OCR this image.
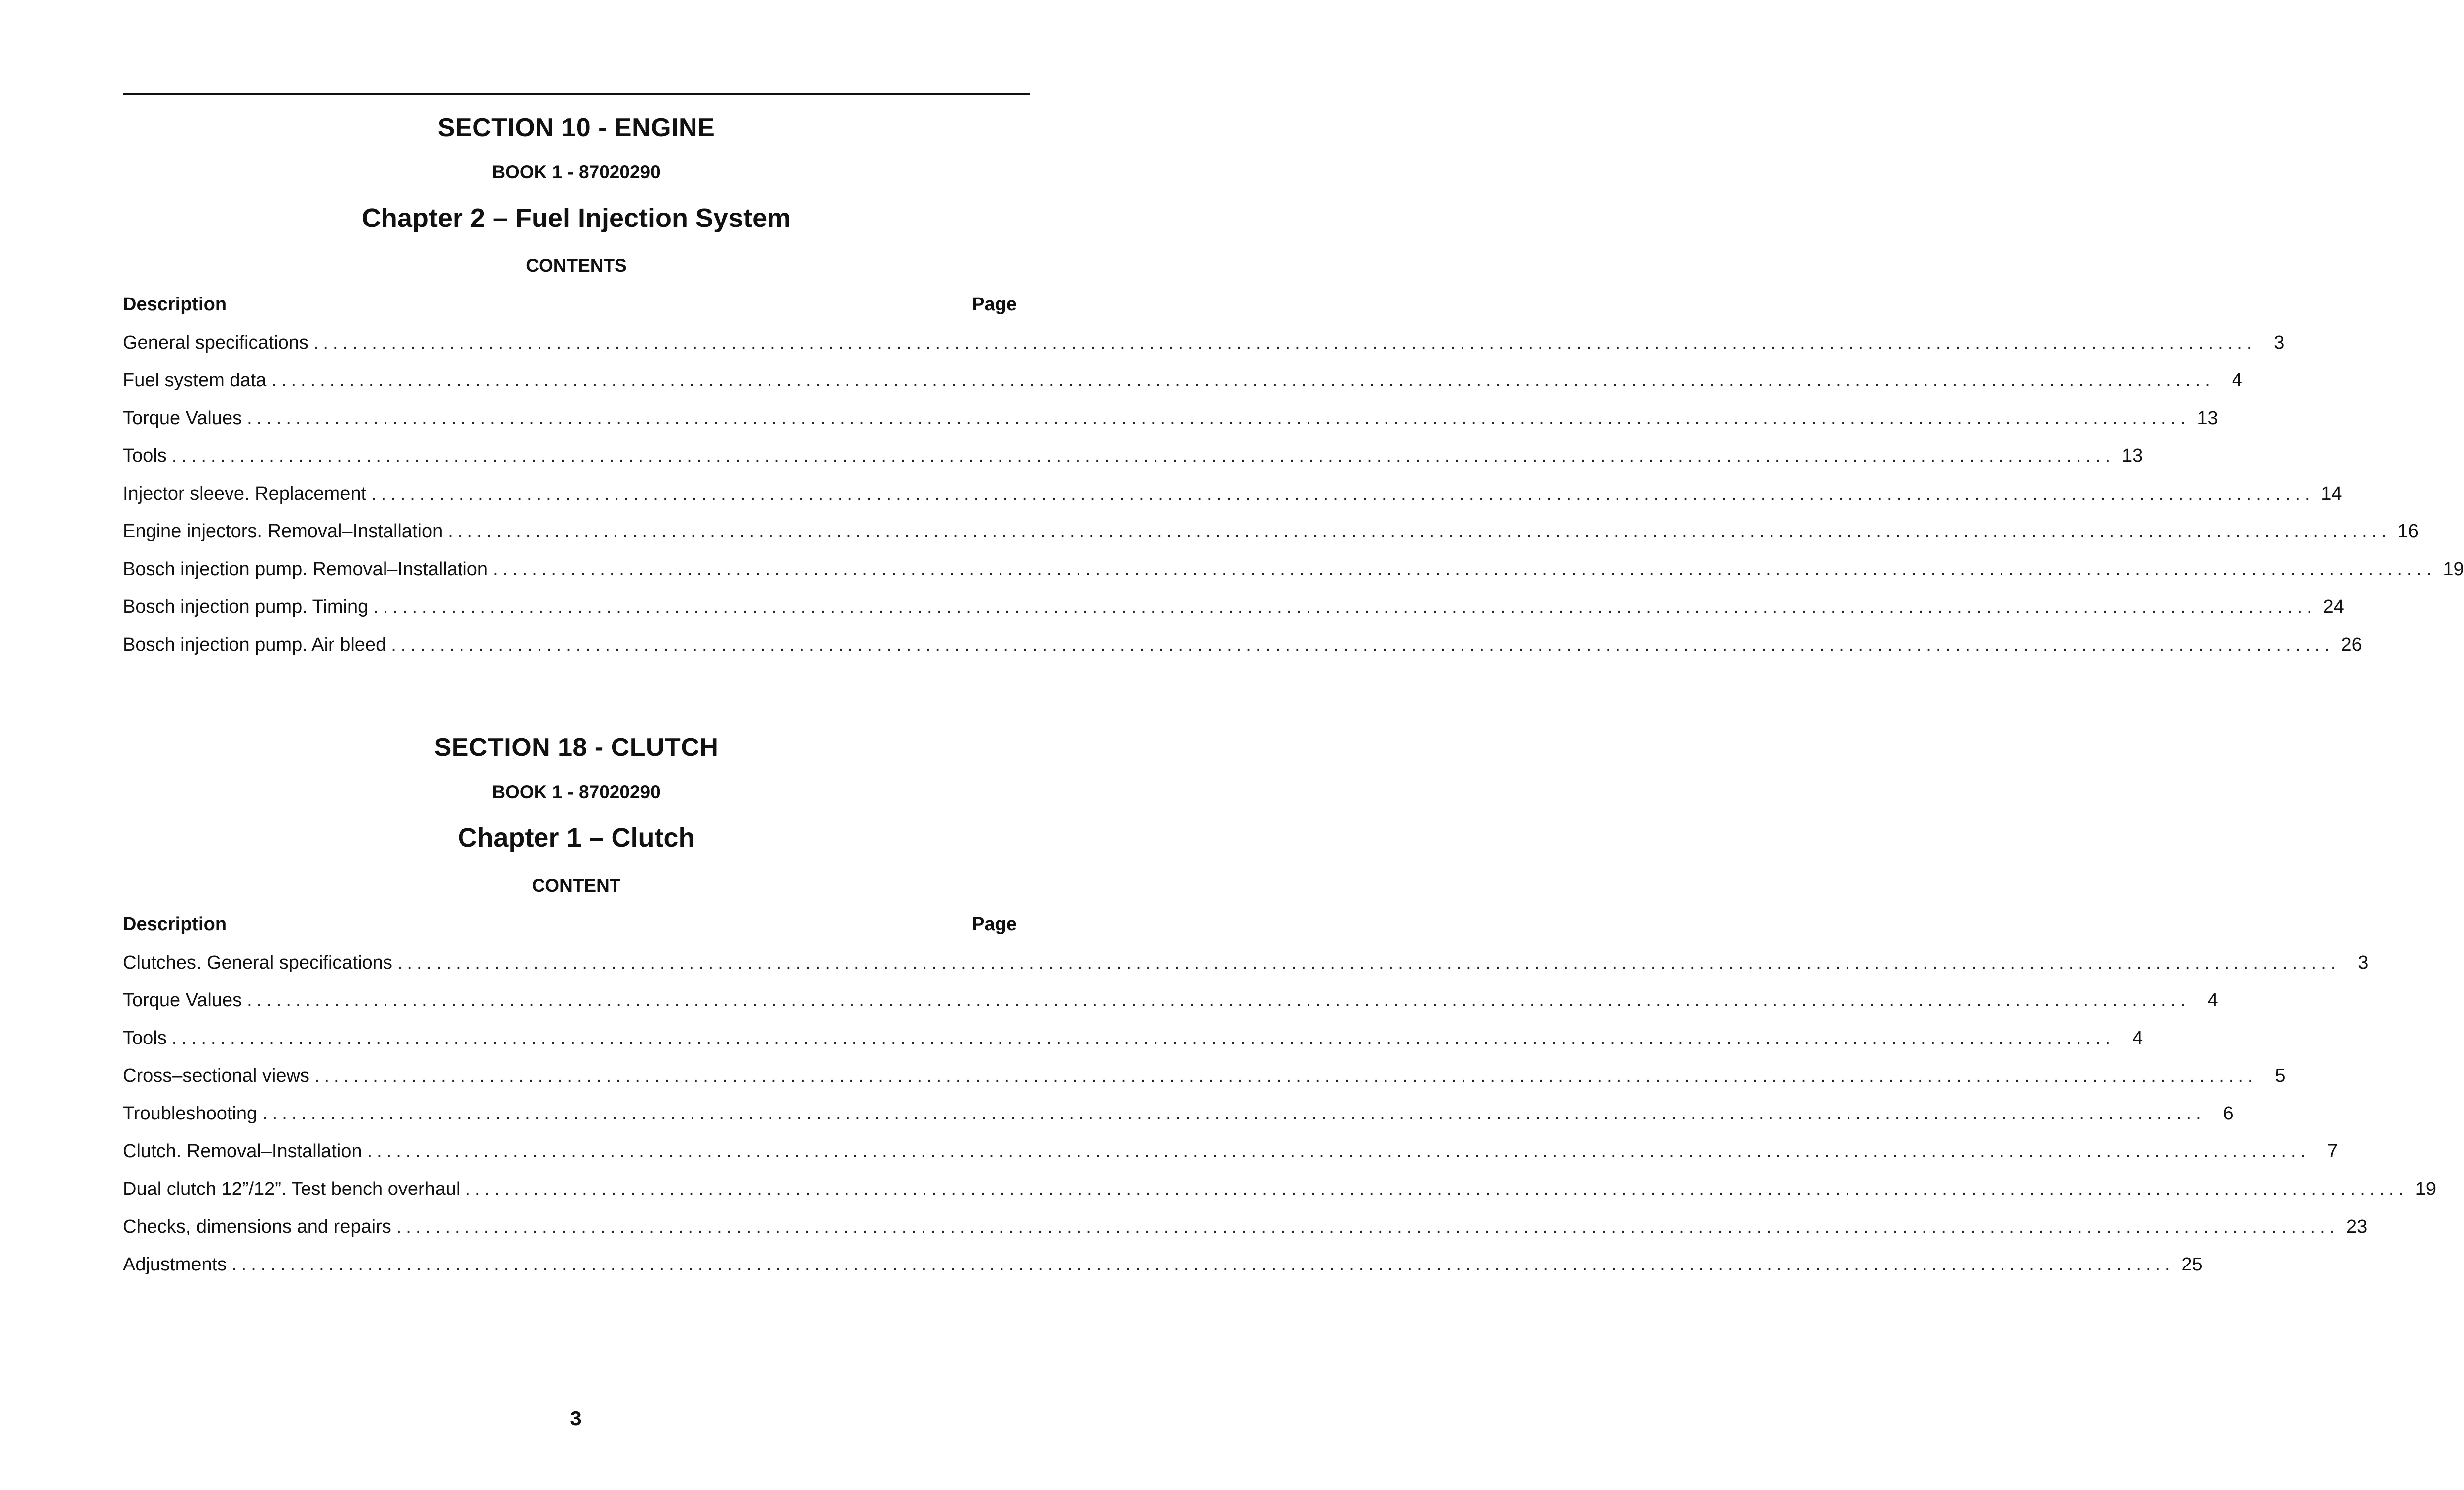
SECTION 10 - ENGINE
BOOK 1 - 87020290
Chapter 2 – Fuel Injection System
CONTENTS
Description	Page
General specifications ........................................................................................................................................................................................................ 3
Fuel system data ........................................................................................................................................................................................................ 4
Torque Values ........................................................................................................................................................................................................ 13
Tools ........................................................................................................................................................................................................ 13
Injector sleeve. Replacement ........................................................................................................................................................................................................ 14
Engine injectors. Removal–Installation ........................................................................................................................................................................................................ 16
Bosch injection pump. Removal–Installation ........................................................................................................................................................................................................ 19
Bosch injection pump. Timing ........................................................................................................................................................................................................ 24
Bosch injection pump. Air bleed ........................................................................................................................................................................................................ 26
SECTION 18 - CLUTCH
BOOK 1 - 87020290
Chapter 1 – Clutch
CONTENT
Description	Page
Clutches. General specifications ........................................................................................................................................................................................................ 3
Torque Values ........................................................................................................................................................................................................ 4
Tools ........................................................................................................................................................................................................ 4
Cross–sectional views ........................................................................................................................................................................................................ 5
Troubleshooting ........................................................................................................................................................................................................ 6
Clutch. Removal–Installation ........................................................................................................................................................................................................ 7
Dual clutch 12”/12”. Test bench overhaul ........................................................................................................................................................................................................ 19
Checks, dimensions and repairs ........................................................................................................................................................................................................ 23
Adjustments ........................................................................................................................................................................................................ 25
3
